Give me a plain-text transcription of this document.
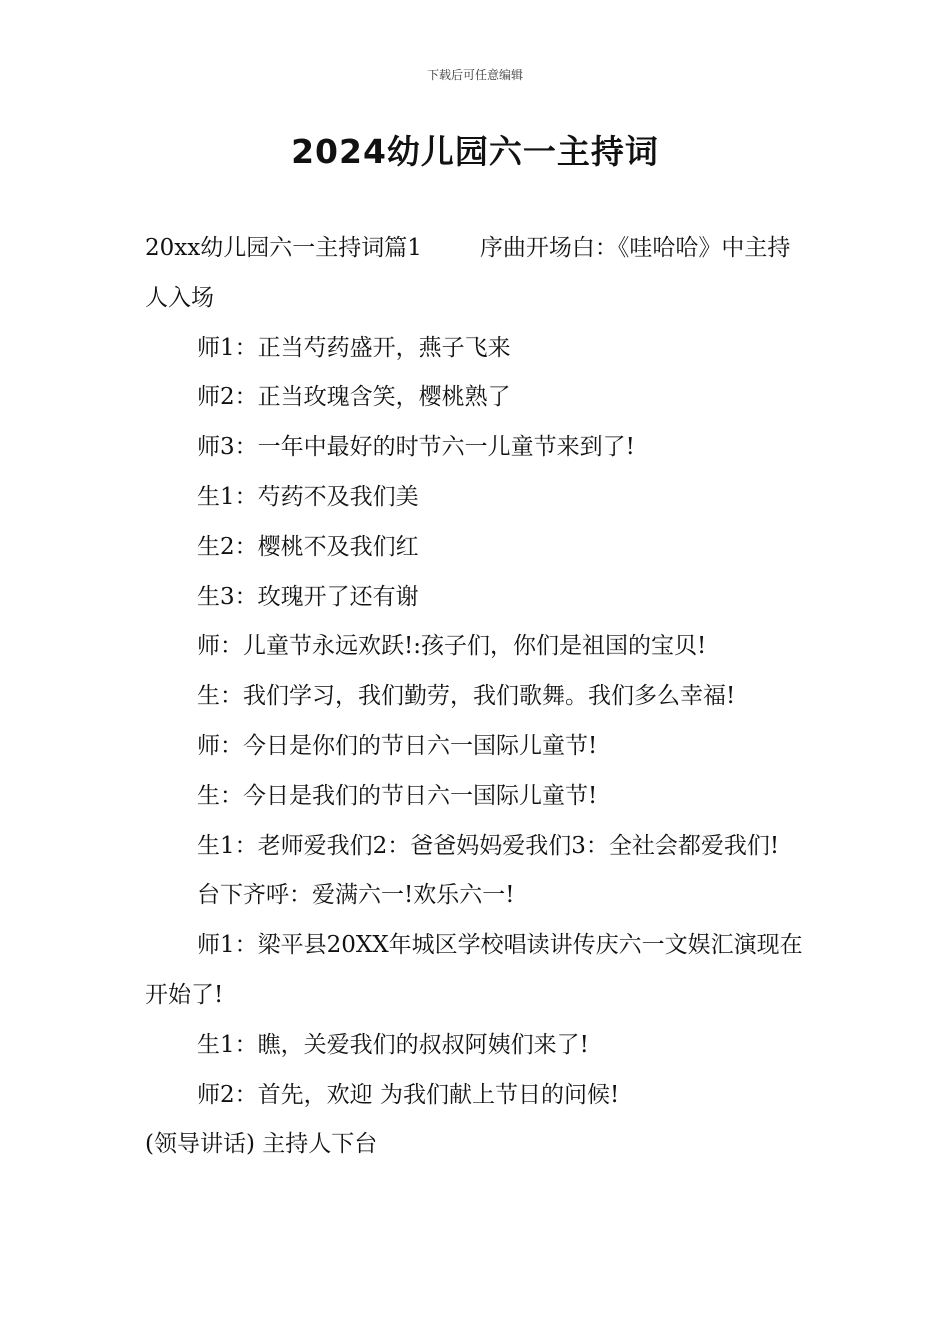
下载后可任意编辑
2024幼儿园六一主持词

20xx幼儿园六一主持词篇1	序曲开场白：《哇哈哈》中主持人入场

师1：正当芍药盛开，燕子飞来

师2：正当玫瑰含笑，樱桃熟了

师3：一年中最好的时节六一儿童节来到了!

生1：芍药不及我们美

生2：樱桃不及我们红

生3：玫瑰开了还有谢

师：儿童节永远欢跃!:孩子们，你们是祖国的宝贝!

生：我们学习，我们勤劳，我们歌舞。我们多么幸福!

师：今日是你们的节日六一国际儿童节!

生：今日是我们的节日六一国际儿童节!

生1：老师爱我们2：爸爸妈妈爱我们3：全社会都爱我们!

台下齐呼：爱满六一!欢乐六一!

师1：梁平县20XX年城区学校唱读讲传庆六一文娱汇演现在开始了!

生1：瞧，关爱我们的叔叔阿姨们来了!

师2：首先，欢迎 为我们献上节日的问候!

(领导讲话) 主持人下台
